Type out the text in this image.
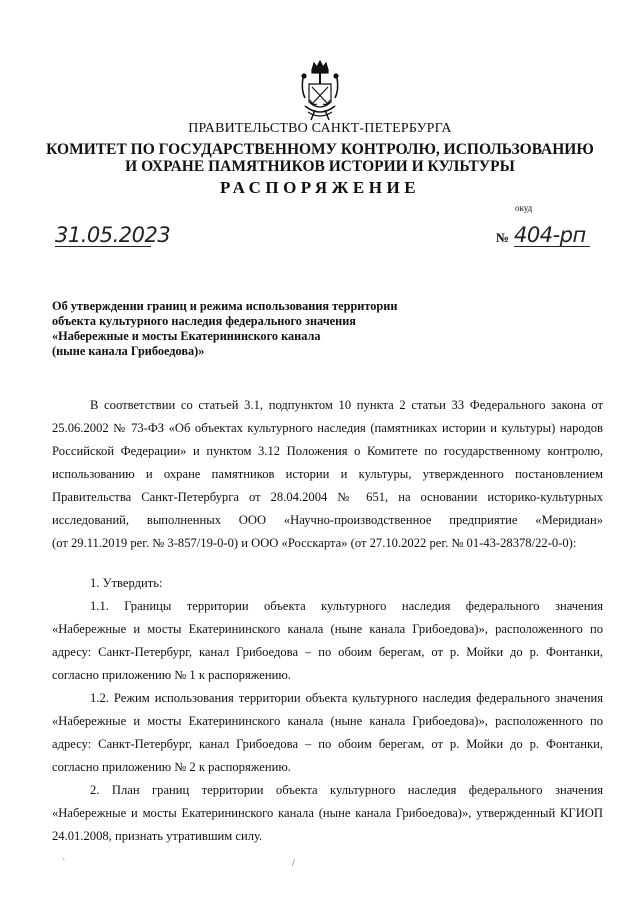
ПРАВИТЕЛЬСТВО САНКТ-ПЕТЕРБУРГА
КОМИТЕТ ПО ГОСУДАРСТВЕННОМУ КОНТРОЛЮ, ИСПОЛЬЗОВАНИЮ
И ОХРАНЕ ПАМЯТНИКОВ ИСТОРИИ И КУЛЬТУРЫ
РАСПОРЯЖЕНИЕ
окуд
31.05.2023	№ 404-рп
Об утверждении границ и режима использования территории
объекта культурного наследия федерального значения
«Набережные и мосты Екатерининского канала
(ныне канала Грибоедова)»
В соответствии со статьей 3.1, подпунктом 10 пункта 2 статьи 33 Федерального закона от
25.06.2002 № 73-ФЗ «Об объектах культурного наследия (памятниках истории и культуры) народов
Российской Федерации» и пунктом 3.12 Положения о Комитете по государственному контролю,
использованию и охране памятников истории и культуры, утвержденного постановлением
Правительства Санкт-Петербурга от 28.04.2004 № 651, на основании историко-культурных
исследований, выполненных ООО «Научно-производственное предприятие «Меридиан»
(от 29.11.2019 рег. № 3-857/19-0-0) и ООО «Росскарта» (от 27.10.2022 рег. № 01-43-28378/22-0-0):
1. Утвердить:
1.1. Границы территории объекта культурного наследия федерального значения
«Набережные и мосты Екатерининского канала (ныне канала Грибоедова)», расположенного по
адресу: Санкт-Петербург, канал Грибоедова – по обоим берегам, от р. Мойки до р. Фонтанки,
согласно приложению № 1 к распоряжению.
1.2. Режим использования территории объекта культурного наследия федерального значения
«Набережные и мосты Екатерининского канала (ныне канала Грибоедова)», расположенного по
адресу: Санкт-Петербург, канал Грибоедова – по обоим берегам, от р. Мойки до р. Фонтанки,
согласно приложению № 2 к распоряжению.
2. План границ территории объекта культурного наследия федерального значения
«Набережные и мосты Екатерининского канала (ныне канала Грибоедова)», утвержденный КГИОП
24.01.2008, признать утратившим силу.
`	/
